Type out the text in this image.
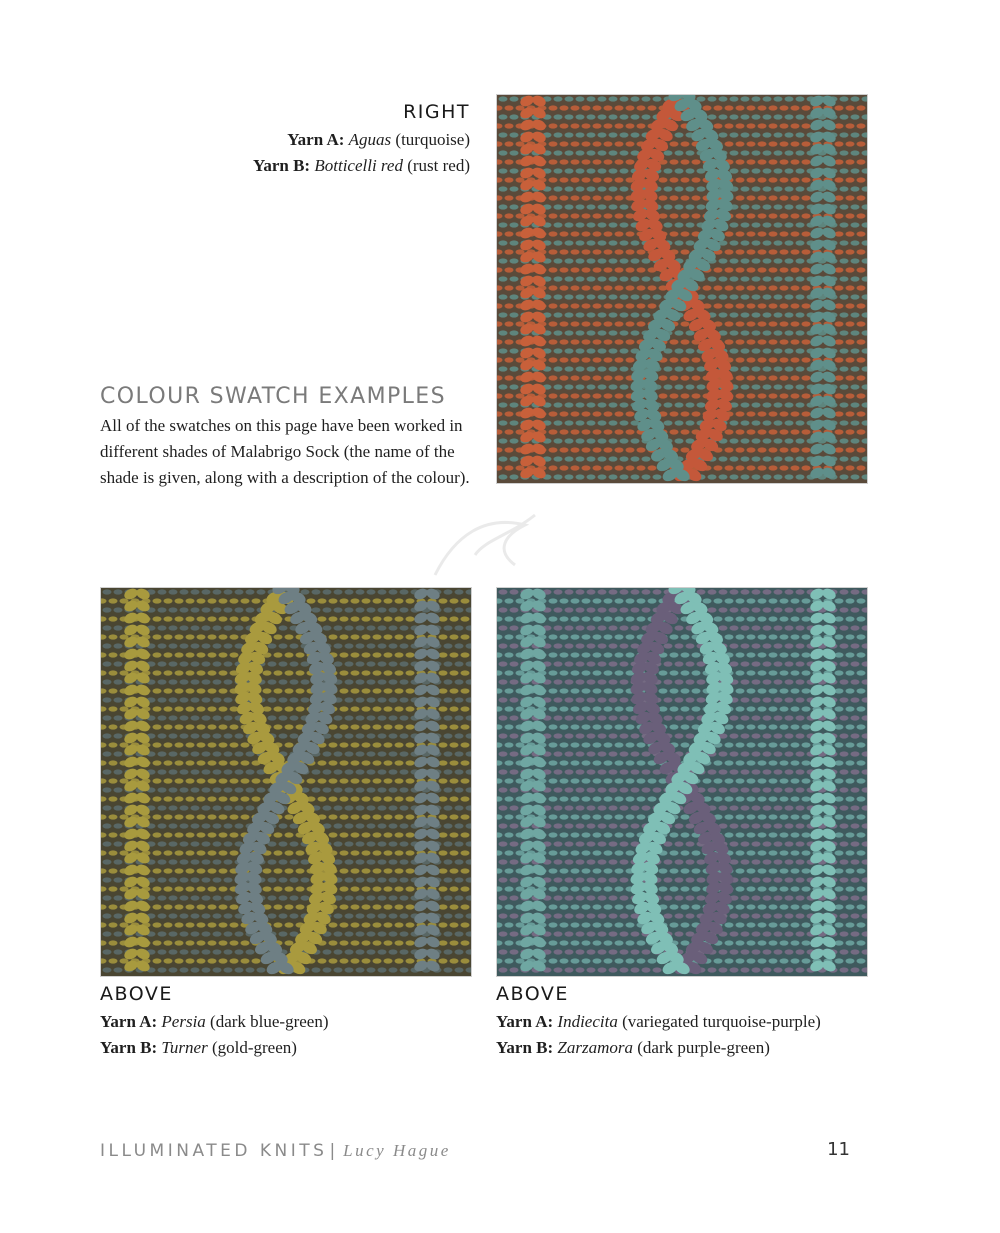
RIGHT
Yarn A: Aguas (turquoise)
Yarn B: Botticelli red (rust red)
COLOUR SWATCH EXAMPLES
All of the swatches on this page have been worked in different shades of Malabrigo Sock (the name of the shade is given, along with a description of the colour).
ABOVE
Yarn A: Persia (dark blue-green)
Yarn B: Turner (gold-green)
ABOVE
Yarn A: Indiecita (variegated turquoise-purple)
Yarn B: Zarzamora (dark purple-green)
ILLUMINATED KNITS | Lucy Hague	11
